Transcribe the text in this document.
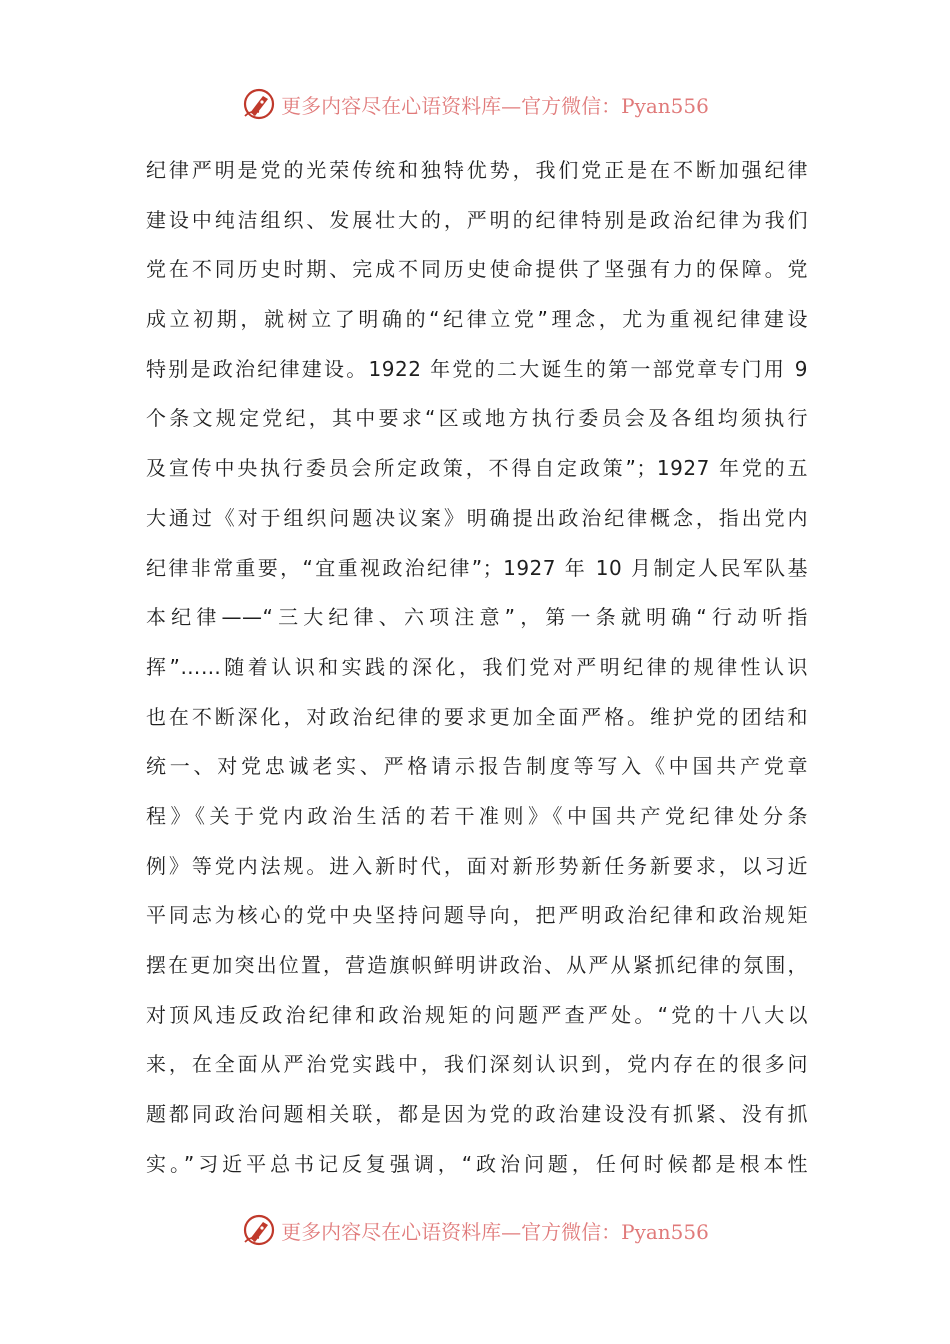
更多内容尽在心语资料库—官方微信：Pyan556
纪律严明是党的光荣传统和独特优势，我们党正是在不断加强纪律
建设中纯洁组织、发展壮大的，严明的纪律特别是政治纪律为我们
党在不同历史时期、完成不同历史使命提供了坚强有力的保障。党
成立初期，就树立了明确的“纪律立党”理念，尤为重视纪律建设
特别是政治纪律建设。1922 年党的二大诞生的第一部党章专门用 9
个条文规定党纪，其中要求“区或地方执行委员会及各组均须执行
及宣传中央执行委员会所定政策，不得自定政策”；1927 年党的五
大通过《对于组织问题决议案》明确提出政治纪律概念，指出党内
纪律非常重要，“宜重视政治纪律”；1927 年 10 月制定人民军队基
本纪律——“三大纪律、六项注意”，第一条就明确“行动听指
挥”……随着认识和实践的深化，我们党对严明纪律的规律性认识
也在不断深化，对政治纪律的要求更加全面严格。维护党的团结和
统一、对党忠诚老实、严格请示报告制度等写入《中国共产党章
程》《关于党内政治生活的若干准则》《中国共产党纪律处分条
例》等党内法规。进入新时代，面对新形势新任务新要求，以习近
平同志为核心的党中央坚持问题导向，把严明政治纪律和政治规矩
摆在更加突出位置，营造旗帜鲜明讲政治、从严从紧抓纪律的氛围，
对顶风违反政治纪律和政治规矩的问题严查严处。“党的十八大以
来，在全面从严治党实践中，我们深刻认识到，党内存在的很多问
题都同政治问题相关联，都是因为党的政治建设没有抓紧、没有抓
实。”习近平总书记反复强调，“政治问题，任何时候都是根本性
更多内容尽在心语资料库—官方微信：Pyan556
